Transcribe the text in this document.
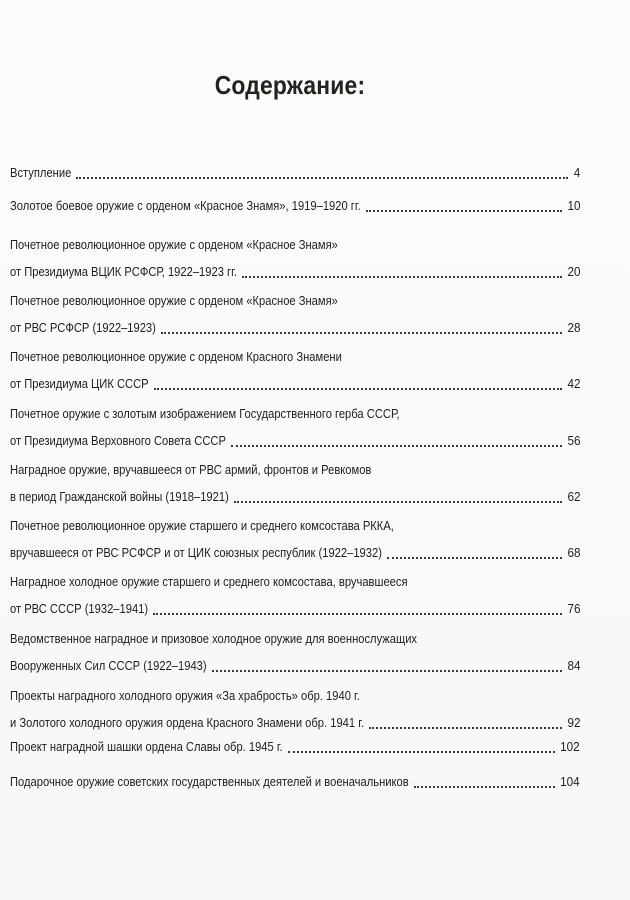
Содержание:
Вступление	4
Золотое боевое оружие с орденом «Красное Знамя», 1919–1920 гг.	10
Почетное революционное оружие с орденом «Красное Знамя»
от Президиума ВЦИК РСФСР, 1922–1923 гг.	20
Почетное революционное оружие с орденом «Красное Знамя»
от РВС РСФСР (1922–1923)	28
Почетное революционное оружие с орденом Красного Знамени
от Президиума ЦИК СССР	42
Почетное оружие с золотым изображением Государственного герба СССР,
от Президиума Верховного Совета СССР	56
Наградное оружие, вручавшееся от РВС армий, фронтов и Ревкомов
в период Гражданской войны (1918–1921)	62
Почетное революционное оружие старшего и среднего комсостава РККА,
вручавшееся от РВС РСФСР и от ЦИК союзных республик (1922–1932)	68
Наградное холодное оружие старшего и среднего комсостава, вручавшееся
от РВС СССР (1932–1941)	76
Ведомственное наградное и призовое холодное оружие для военнослужащих
Вооруженных Сил СССР (1922–1943)	84
Проекты наградного холодного оружия «За храбрость» обр. 1940 г.
и Золотого холодного оружия ордена Красного Знамени обр. 1941 г.	92
Проект наградной шашки ордена Славы обр. 1945 г.	102
Подарочное оружие советских государственных деятелей и военачальников	104
